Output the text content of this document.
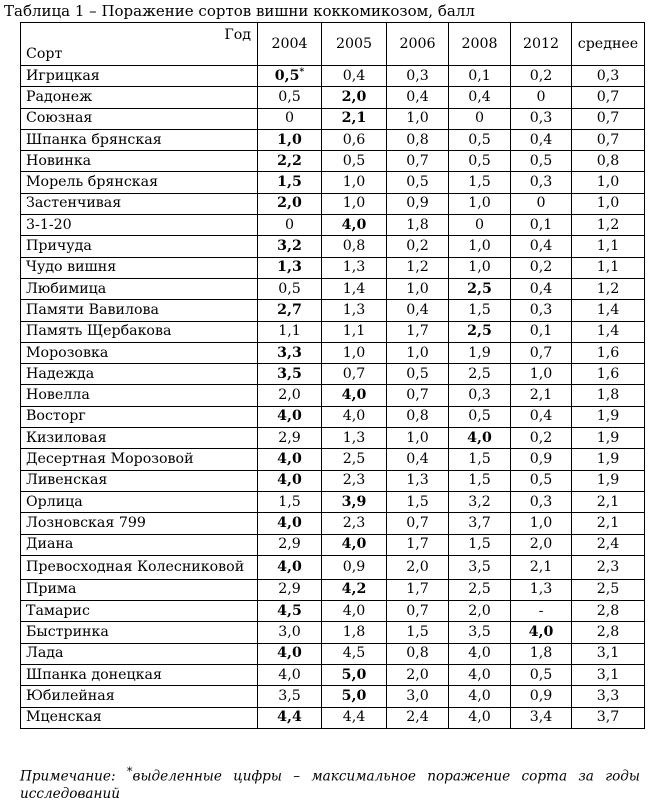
Таблица 1 – Поражение сортов вишни коккомикозом, балл
Год
Сорт	2004	2005	2006	2008	2012	среднее
Игрицкая	0,5*	0,4	0,3	0,1	0,2	0,3
Радонеж	0,5	2,0	0,4	0,4	0	0,7
Союзная	0	2,1	1,0	0	0,3	0,7
Шпанка брянская	1,0	0,6	0,8	0,5	0,4	0,7
Новинка	2,2	0,5	0,7	0,5	0,5	0,8
Морель брянская	1,5	1,0	0,5	1,5	0,3	1,0
Застенчивая	2,0	1,0	0,9	1,0	0	1,0
3-1-20	0	4,0	1,8	0	0,1	1,2
Причуда	3,2	0,8	0,2	1,0	0,4	1,1
Чудо вишня	1,3	1,3	1,2	1,0	0,2	1,1
Любимица	0,5	1,4	1,0	2,5	0,4	1,2
Памяти Вавилова	2,7	1,3	0,4	1,5	0,3	1,4
Память Щербакова	1,1	1,1	1,7	2,5	0,1	1,4
Морозовка	3,3	1,0	1,0	1,9	0,7	1,6
Надежда	3,5	0,7	0,5	2,5	1,0	1,6
Новелла	2,0	4,0	0,7	0,3	2,1	1,8
Восторг	4,0	4,0	0,8	0,5	0,4	1,9
Кизиловая	2,9	1,3	1,0	4,0	0,2	1,9
Десертная Морозовой	4,0	2,5	0,4	1,5	0,9	1,9
Ливенская	4,0	2,3	1,3	1,5	0,5	1,9
Орлица	1,5	3,9	1,5	3,2	0,3	2,1
Лозновская 799	4,0	2,3	0,7	3,7	1,0	2,1
Диана	2,9	4,0	1,7	1,5	2,0	2,4
Превосходная Колесниковой	4,0	0,9	2,0	3,5	2,1	2,3
Прима	2,9	4,2	1,7	2,5	1,3	2,5
Тамарис	4,5	4,0	0,7	2,0	-	2,8
Быстринка	3,0	1,8	1,5	3,5	4,0	2,8
Лада	4,0	4,5	0,8	4,0	1,8	3,1
Шпанка донецкая	4,0	5,0	2,0	4,0	0,5	3,1
Юбилейная	3,5	5,0	3,0	4,0	0,9	3,3
Мценская	4,4	4,4	2,4	4,0	3,4	3,7
Примечание: *выделенные цифры – максимальное поражение сорта за годы
исследований
